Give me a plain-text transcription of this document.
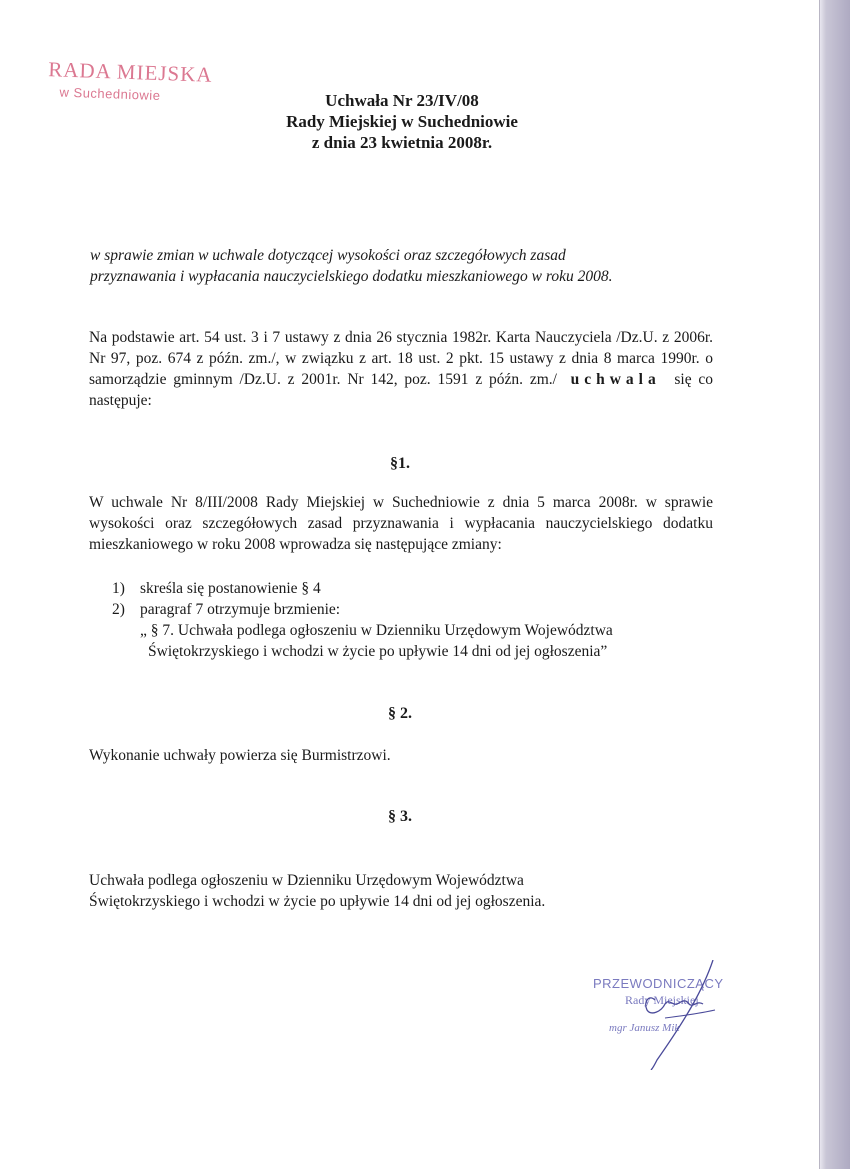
RADA MIEJSKA
w Suchedniowie	Uchwała Nr 23/IV/08
Rady Miejskiej w Suchedniowie
z dnia 23 kwietnia 2008r.
w sprawie zmian w uchwale dotyczącej wysokości oraz szczegółowych zasad
przyznawania i wypłacania nauczycielskiego dodatku mieszkaniowego w roku 2008.
Na podstawie art. 54 ust. 3 i 7 ustawy z dnia 26 stycznia 1982r. Karta Nauczyciela /Dz.U. z 2006r. Nr 97, poz. 674 z późn. zm./, w związku z art. 18 ust. 2 pkt. 15 ustawy z dnia 8 marca 1990r. o samorządzie gminnym /Dz.U. z 2001r. Nr 142, poz. 1591 z późn. zm./ uchwala się co następuje:
§1.
W uchwale Nr 8/III/2008 Rady Miejskiej w Suchedniowie z dnia 5 marca 2008r. w sprawie wysokości oraz szczegółowych zasad przyznawania i wypłacania nauczycielskiego dodatku mieszkaniowego w roku 2008 wprowadza się następujące zmiany:
1) skreśla się postanowienie § 4
2) paragraf 7 otrzymuje brzmienie:
„ § 7. Uchwała podlega ogłoszeniu w Dzienniku Urzędowym Województwa
Świętokrzyskiego i wchodzi w życie po upływie 14 dni od jej ogłoszenia”
§ 2.
Wykonanie uchwały powierza się Burmistrzowi.
§ 3.
Uchwała podlega ogłoszeniu w Dzienniku Urzędowym Województwa
Świętokrzyskiego i wchodzi w życie po upływie 14 dni od jej ogłoszenia.
PRZEWODNICZĄCY
Rady Miejskiej
mgr Janusz Mik
